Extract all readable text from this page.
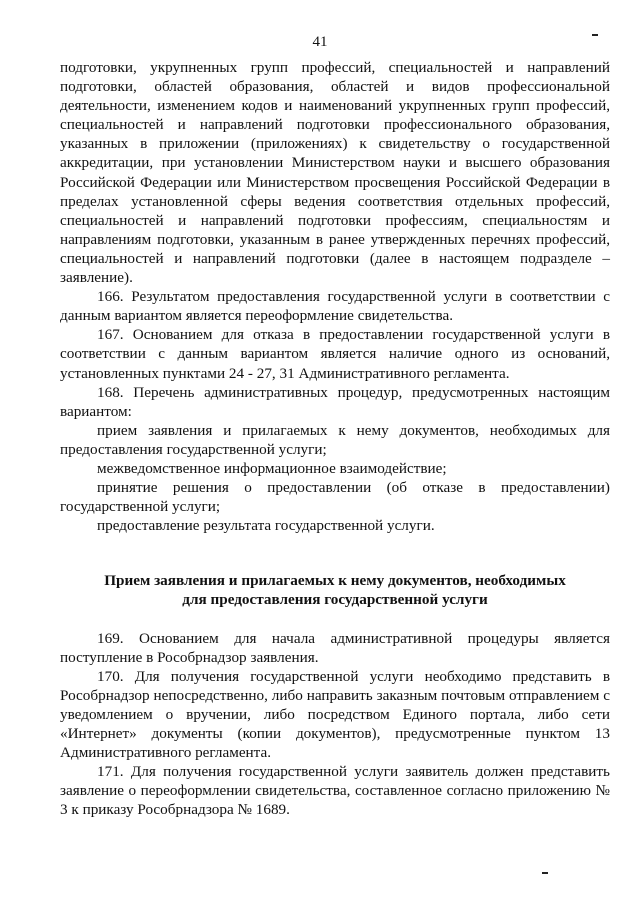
41

подготовки, укрупненных групп профессий, специальностей и направлений подготовки, областей образования, областей и видов профессиональной деятельности, изменением кодов и наименований укрупненных групп профессий, специальностей и направлений подготовки профессионального образования, указанных в приложении (приложениях) к свидетельству о государственной аккредитации, при установлении Министерством науки и высшего образования Российской Федерации или Министерством просвещения Российской Федерации в пределах установленной сферы ведения соответствия отдельных профессий, специальностей и направлений подготовки профессиям, специальностям и направлениям подготовки, указанным в ранее утвержденных перечнях профессий, специальностей и направлений подготовки (далее в настоящем подразделе – заявление).

166. Результатом предоставления государственной услуги в соответствии с данным вариантом является переоформление свидетельства.

167. Основанием для отказа в предоставлении государственной услуги в соответствии с данным вариантом является наличие одного из оснований, установленных пунктами 24 - 27, 31 Административного регламента.

168. Перечень административных процедур, предусмотренных настоящим вариантом:

прием заявления и прилагаемых к нему документов, необходимых для предоставления государственной услуги;

межведомственное информационное взаимодействие;

принятие решения о предоставлении (об отказе в предоставлении) государственной услуги;

предоставление результата государственной услуги.

Прием заявления и прилагаемых к нему документов, необходимых

для предоставления государственной услуги

169. Основанием для начала административной процедуры является поступление в Рособрнадзор заявления.

170. Для получения государственной услуги необходимо представить в Рособрнадзор непосредственно, либо направить заказным почтовым отправлением с уведомлением о вручении, либо посредством Единого портала, либо сети «Интернет» документы (копии документов), предусмотренные пунктом 13 Административного регламента.

171. Для получения государственной услуги заявитель должен представить заявление о переоформлении свидетельства, составленное согласно приложению № 3 к приказу Рособрнадзора № 1689.
